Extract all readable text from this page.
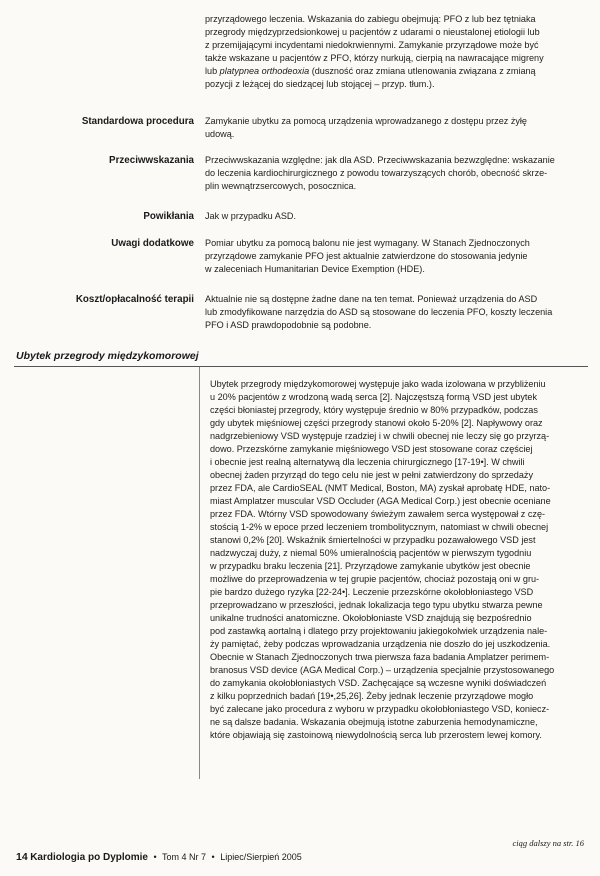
przyrządowego leczenia. Wskazania do zabiegu obejmują: PFO z lub bez tętniaka
przegrody międzyprzedsionkowej u pacjentów z udarami o nieustalonej etiologii lub
z przemijającymi incydentami niedokrwiennymi. Zamykanie przyrządowe może być
także wskazane u pacjentów z PFO, którzy nurkują, cierpią na nawracające migreny
lub platypnea orthodeoxia (duszność oraz zmiana utlenowania związana z zmianą
pozycji z leżącej do siedzącej lub stojącej – przyp. tłum.).
Standardowa procedura Zamykanie ubytku za pomocą urządzenia wprowadzanego z dostępu przez żyłę
udową.
Przeciwwskazania Przeciwwskazania względne: jak dla ASD. Przeciwwskazania bezwzględne: wskazanie
do leczenia kardiochirurgicznego z powodu towarzyszących chorób, obecność skrze-
plin wewnątrzsercowych, posocznica.
Powikłania Jak w przypadku ASD.
Uwagi dodatkowe Pomiar ubytku za pomocą balonu nie jest wymagany. W Stanach Zjednoczonych
przyrządowe zamykanie PFO jest aktualnie zatwierdzone do stosowania jedynie
w zaleceniach Humanitarian Device Exemption (HDE).
Koszt/opłacalność terapii Aktualnie nie są dostępne żadne dane na ten temat. Ponieważ urządzenia do ASD
lub zmodyfikowane narzędzia do ASD są stosowane do leczenia PFO, koszty leczenia
PFO i ASD prawdopodobnie są podobne.
Ubytek przegrody międzykomorowej
Ubytek przegrody międzykomorowej występuje jako wada izolowana w przybliżeniu
u 20% pacjentów z wrodzoną wadą serca [2]. Najczęstszą formą VSD jest ubytek
części błoniastej przegrody, który występuje średnio w 80% przypadków, podczas
gdy ubytek mięśniowej części przegrody stanowi około 5-20% [2]. Napływowy oraz
nadgrzebieniowy VSD występuje rzadziej i w chwili obecnej nie leczy się go przyrzą-
dowo. Przezskórne zamykanie mięśniowego VSD jest stosowane coraz częściej
i obecnie jest realną alternatywą dla leczenia chirurgicznego [17-19•]. W chwili
obecnej żaden przyrząd do tego celu nie jest w pełni zatwierdzony do sprzedaży
przez FDA, ale CardioSEAL (NMT Medical, Boston, MA) zyskał aprobatę HDE, nato-
miast Amplatzer muscular VSD Occluder (AGA Medical Corp.) jest obecnie oceniane
przez FDA. Wtórny VSD spowodowany świeżym zawałem serca występował z czę-
stością 1-2% w epoce przed leczeniem trombolitycznym, natomiast w chwili obecnej
stanowi 0,2% [20]. Wskaźnik śmiertelności w przypadku pozawałowego VSD jest
nadzwyczaj duży, z niemal 50% umieralnością pacjentów w pierwszym tygodniu
w przypadku braku leczenia [21]. Przyrządowe zamykanie ubytków jest obecnie
możliwe do przeprowadzenia w tej grupie pacjentów, chociaż pozostają oni w gru-
pie bardzo dużego ryzyka [22-24•]. Leczenie przezskórne okołobłoniastego VSD
przeprowadzano w przeszłości, jednak lokalizacja tego typu ubytku stwarza pewne
unikalne trudności anatomiczne. Okołobłoniaste VSD znajdują się bezpośrednio
pod zastawką aortalną i dlatego przy projektowaniu jakiegokolwiek urządzenia nale-
ży pamiętać, żeby podczas wprowadzania urządzenia nie doszło do jej uszkodzenia.
Obecnie w Stanach Zjednoczonych trwa pierwsza faza badania Amplatzer perimem-
branosus VSD device (AGA Medical Corp.) – urządzenia specjalnie przystosowanego
do zamykania okołobłoniastych VSD. Zachęcające są wczesne wyniki doświadczeń
z kilku poprzednich badań [19•,25,26]. Żeby jednak leczenie przyrządowe mogło
być zalecane jako procedura z wyboru w przypadku okołobłoniastego VSD, koniecz-
ne są dalsze badania. Wskazania obejmują istotne zaburzenia hemodynamiczne,
które objawiają się zastoinową niewydolnością serca lub przerostem lewej komory.
ciąg dalszy na str. 16
14 Kardiologia po Dyplomie • Tom 4 Nr 7 • Lipiec/Sierpień 2005
